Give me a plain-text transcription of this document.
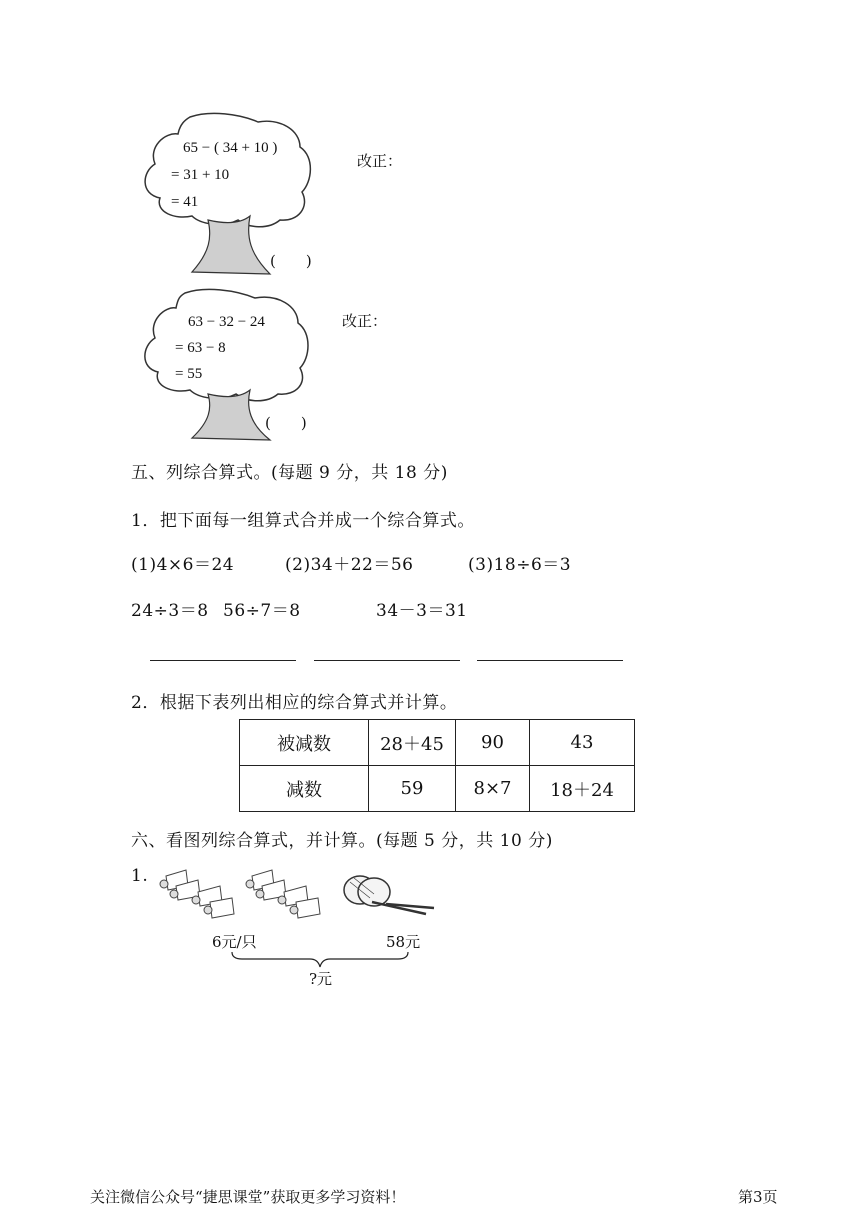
65 − ( 34 + 10 )
= 31 + 10
= 41
(　　)
改正：
63 − 32 − 24
= 63 − 8
= 55
(　　)
改正：
五、列综合算式。(每题 9 分，共 18 分)
1．把下面每一组算式合并成一个综合算式。
(1)4×6＝24	(2)34＋22＝56	(3)18÷6＝3
24÷3＝8 56÷7＝8	34－3＝31
2．根据下表列出相应的综合算式并计算。
被减数	28＋45	90	43
减数	59	8×7	18＋24
六、看图列综合算式，并计算。(每题 5 分，共 10 分)
1.
6元/只	58元
?元
关注微信公众号“捷思课堂”获取更多学习资料！	第3页
